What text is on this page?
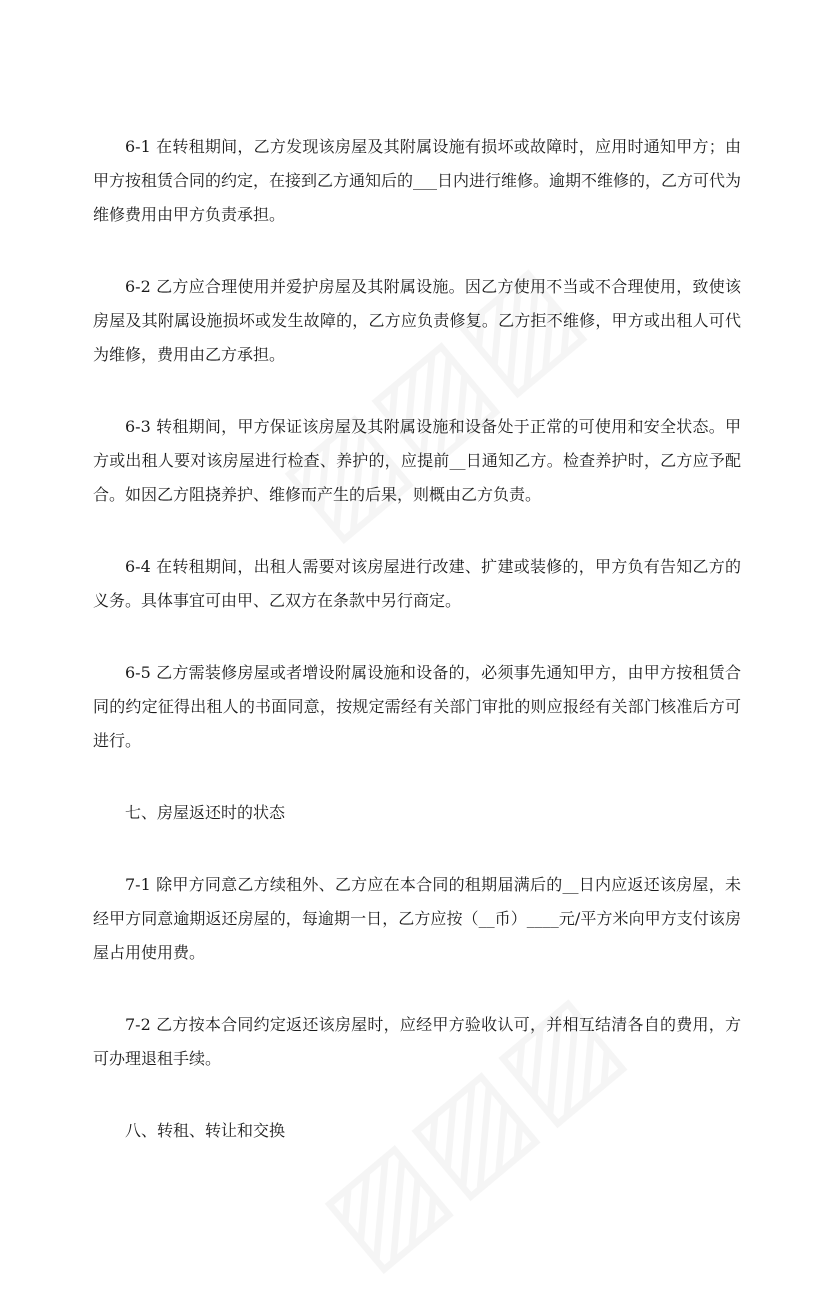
6-1 在转租期间，乙方发现该房屋及其附属设施有损坏或故障时，应用时通知甲方；由甲方按租赁合同的约定，在接到乙方通知后的___日内进行维修。逾期不维修的，乙方可代为维修费用由甲方负责承担。

6-2 乙方应合理使用并爱护房屋及其附属设施。因乙方使用不当或不合理使用，致使该房屋及其附属设施损坏或发生故障的，乙方应负责修复。乙方拒不维修，甲方或出租人可代为维修，费用由乙方承担。

6-3 转租期间，甲方保证该房屋及其附属设施和设备处于正常的可使用和安全状态。甲方或出租人要对该房屋进行检查、养护的，应提前__日通知乙方。检查养护时，乙方应予配合。如因乙方阻挠养护、维修而产生的后果，则概由乙方负责。

6-4 在转租期间，出租人需要对该房屋进行改建、扩建或装修的，甲方负有告知乙方的义务。具体事宜可由甲、乙双方在条款中另行商定。

6-5 乙方需装修房屋或者增设附属设施和设备的，必须事先通知甲方，由甲方按租赁合同的约定征得出租人的书面同意，按规定需经有关部门审批的则应报经有关部门核准后方可进行。

七、房屋返还时的状态

7-1 除甲方同意乙方续租外、乙方应在本合同的租期届满后的__日内应返还该房屋，未经甲方同意逾期返还房屋的，每逾期一日，乙方应按（__币）____元/平方米向甲方支付该房屋占用使用费。

7-2 乙方按本合同约定返还该房屋时，应经甲方验收认可，并相互结清各自的费用，方可办理退租手续。

八、转租、转让和交换
